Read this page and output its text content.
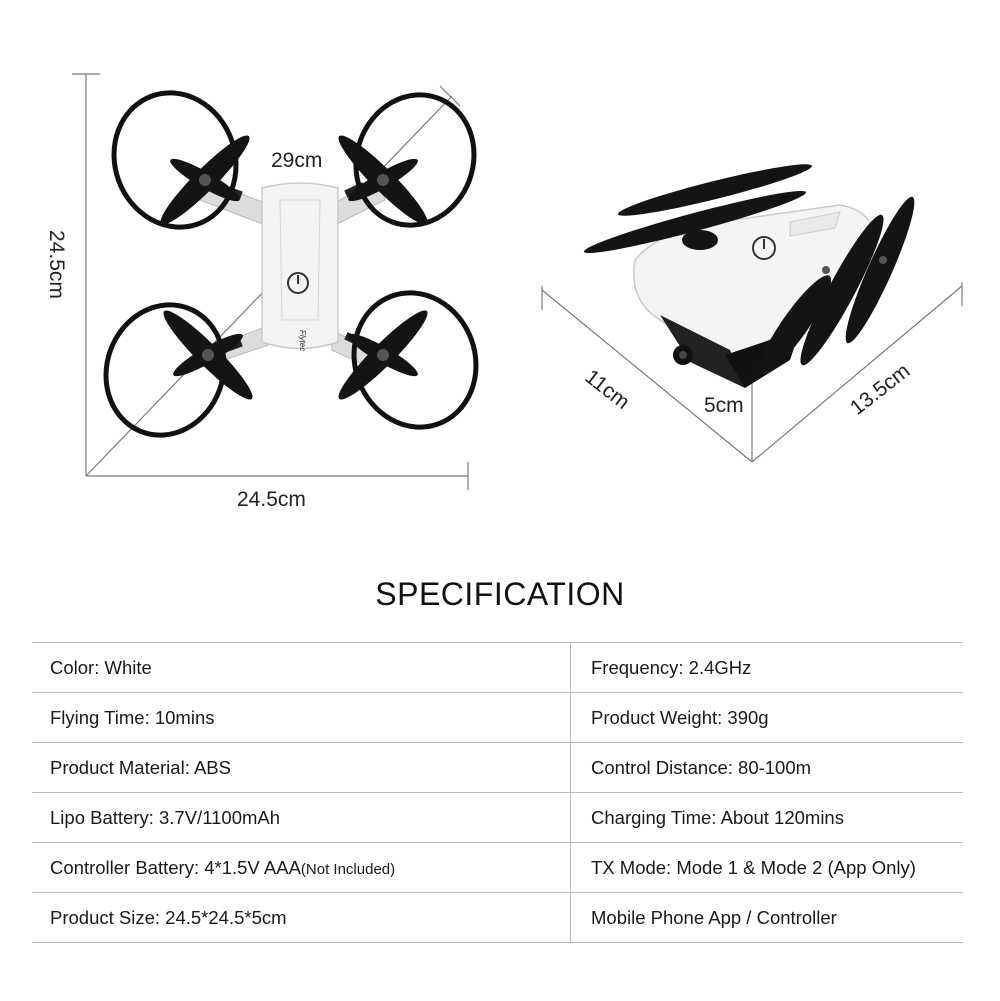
Flytec
29cm
24.5cm
24.5cm
11cm	5cm	13.5cm
SPECIFICATION
Color: White	Frequency: 2.4GHz
Flying Time: 10mins	Product Weight: 390g
Product Material: ABS	Control Distance: 80-100m
Lipo Battery: 3.7V/1100mAh	Charging Time: About 120mins
Controller Battery: 4*1.5V AAA(Not Included)	TX Mode: Mode 1 & Mode 2 (App Only)
Product Size: 24.5*24.5*5cm	Mobile Phone App / Controller
